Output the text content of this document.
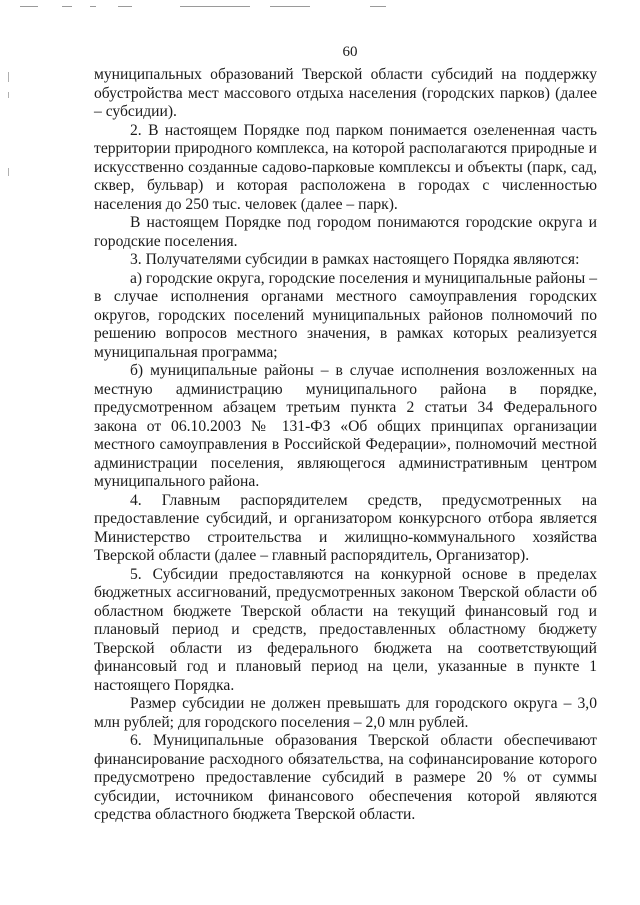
60

муниципальных образований Тверской области субсидий на поддержку обустройства мест массового отдыха населения (городских парков) (далее – субсидии).

2. В настоящем Порядке под парком понимается озелененная часть территории природного комплекса, на которой располагаются природные и искусственно созданные садово-парковые комплексы и объекты (парк, сад, сквер, бульвар) и которая расположена в городах с численностью населения до 250 тыс. человек (далее – парк).

В настоящем Порядке под городом понимаются городские округа и городские поселения.

3. Получателями субсидии в рамках настоящего Порядка являются:

а) городские округа, городские поселения и муниципальные районы – в случае исполнения органами местного самоуправления городских округов, городских поселений муниципальных районов полномочий по решению вопросов местного значения, в рамках которых реализуется муниципальная программа;

б) муниципальные районы – в случае исполнения возложенных на местную администрацию муниципального района в порядке, предусмотренном абзацем третьим пункта 2 статьи 34 Федерального закона от 06.10.2003 № 131-ФЗ «Об общих принципах организации местного самоуправления в Российской Федерации», полномочий местной администрации поселения, являющегося административным центром муниципального района.

4. Главным распорядителем средств, предусмотренных на предоставление субсидий, и организатором конкурсного отбора является Министерство строительства и жилищно-коммунального хозяйства Тверской области (далее – главный распорядитель, Организатор).

5. Субсидии предоставляются на конкурной основе в пределах бюджетных ассигнований, предусмотренных законом Тверской области об областном бюджете Тверской области на текущий финансовый год и плановый период и средств, предоставленных областному бюджету Тверской области из федерального бюджета на соответствующий финансовый год и плановый период на цели, указанные в пункте 1 настоящего Порядка.

Размер субсидии не должен превышать для городского округа – 3,0 млн рублей; для городского поселения – 2,0 млн рублей.

6. Муниципальные образования Тверской области обеспечивают финансирование расходного обязательства, на софинансирование которого предусмотрено предоставление субсидий в размере 20 % от суммы субсидии, источником финансового обеспечения которой являются средства областного бюджета Тверской области.
